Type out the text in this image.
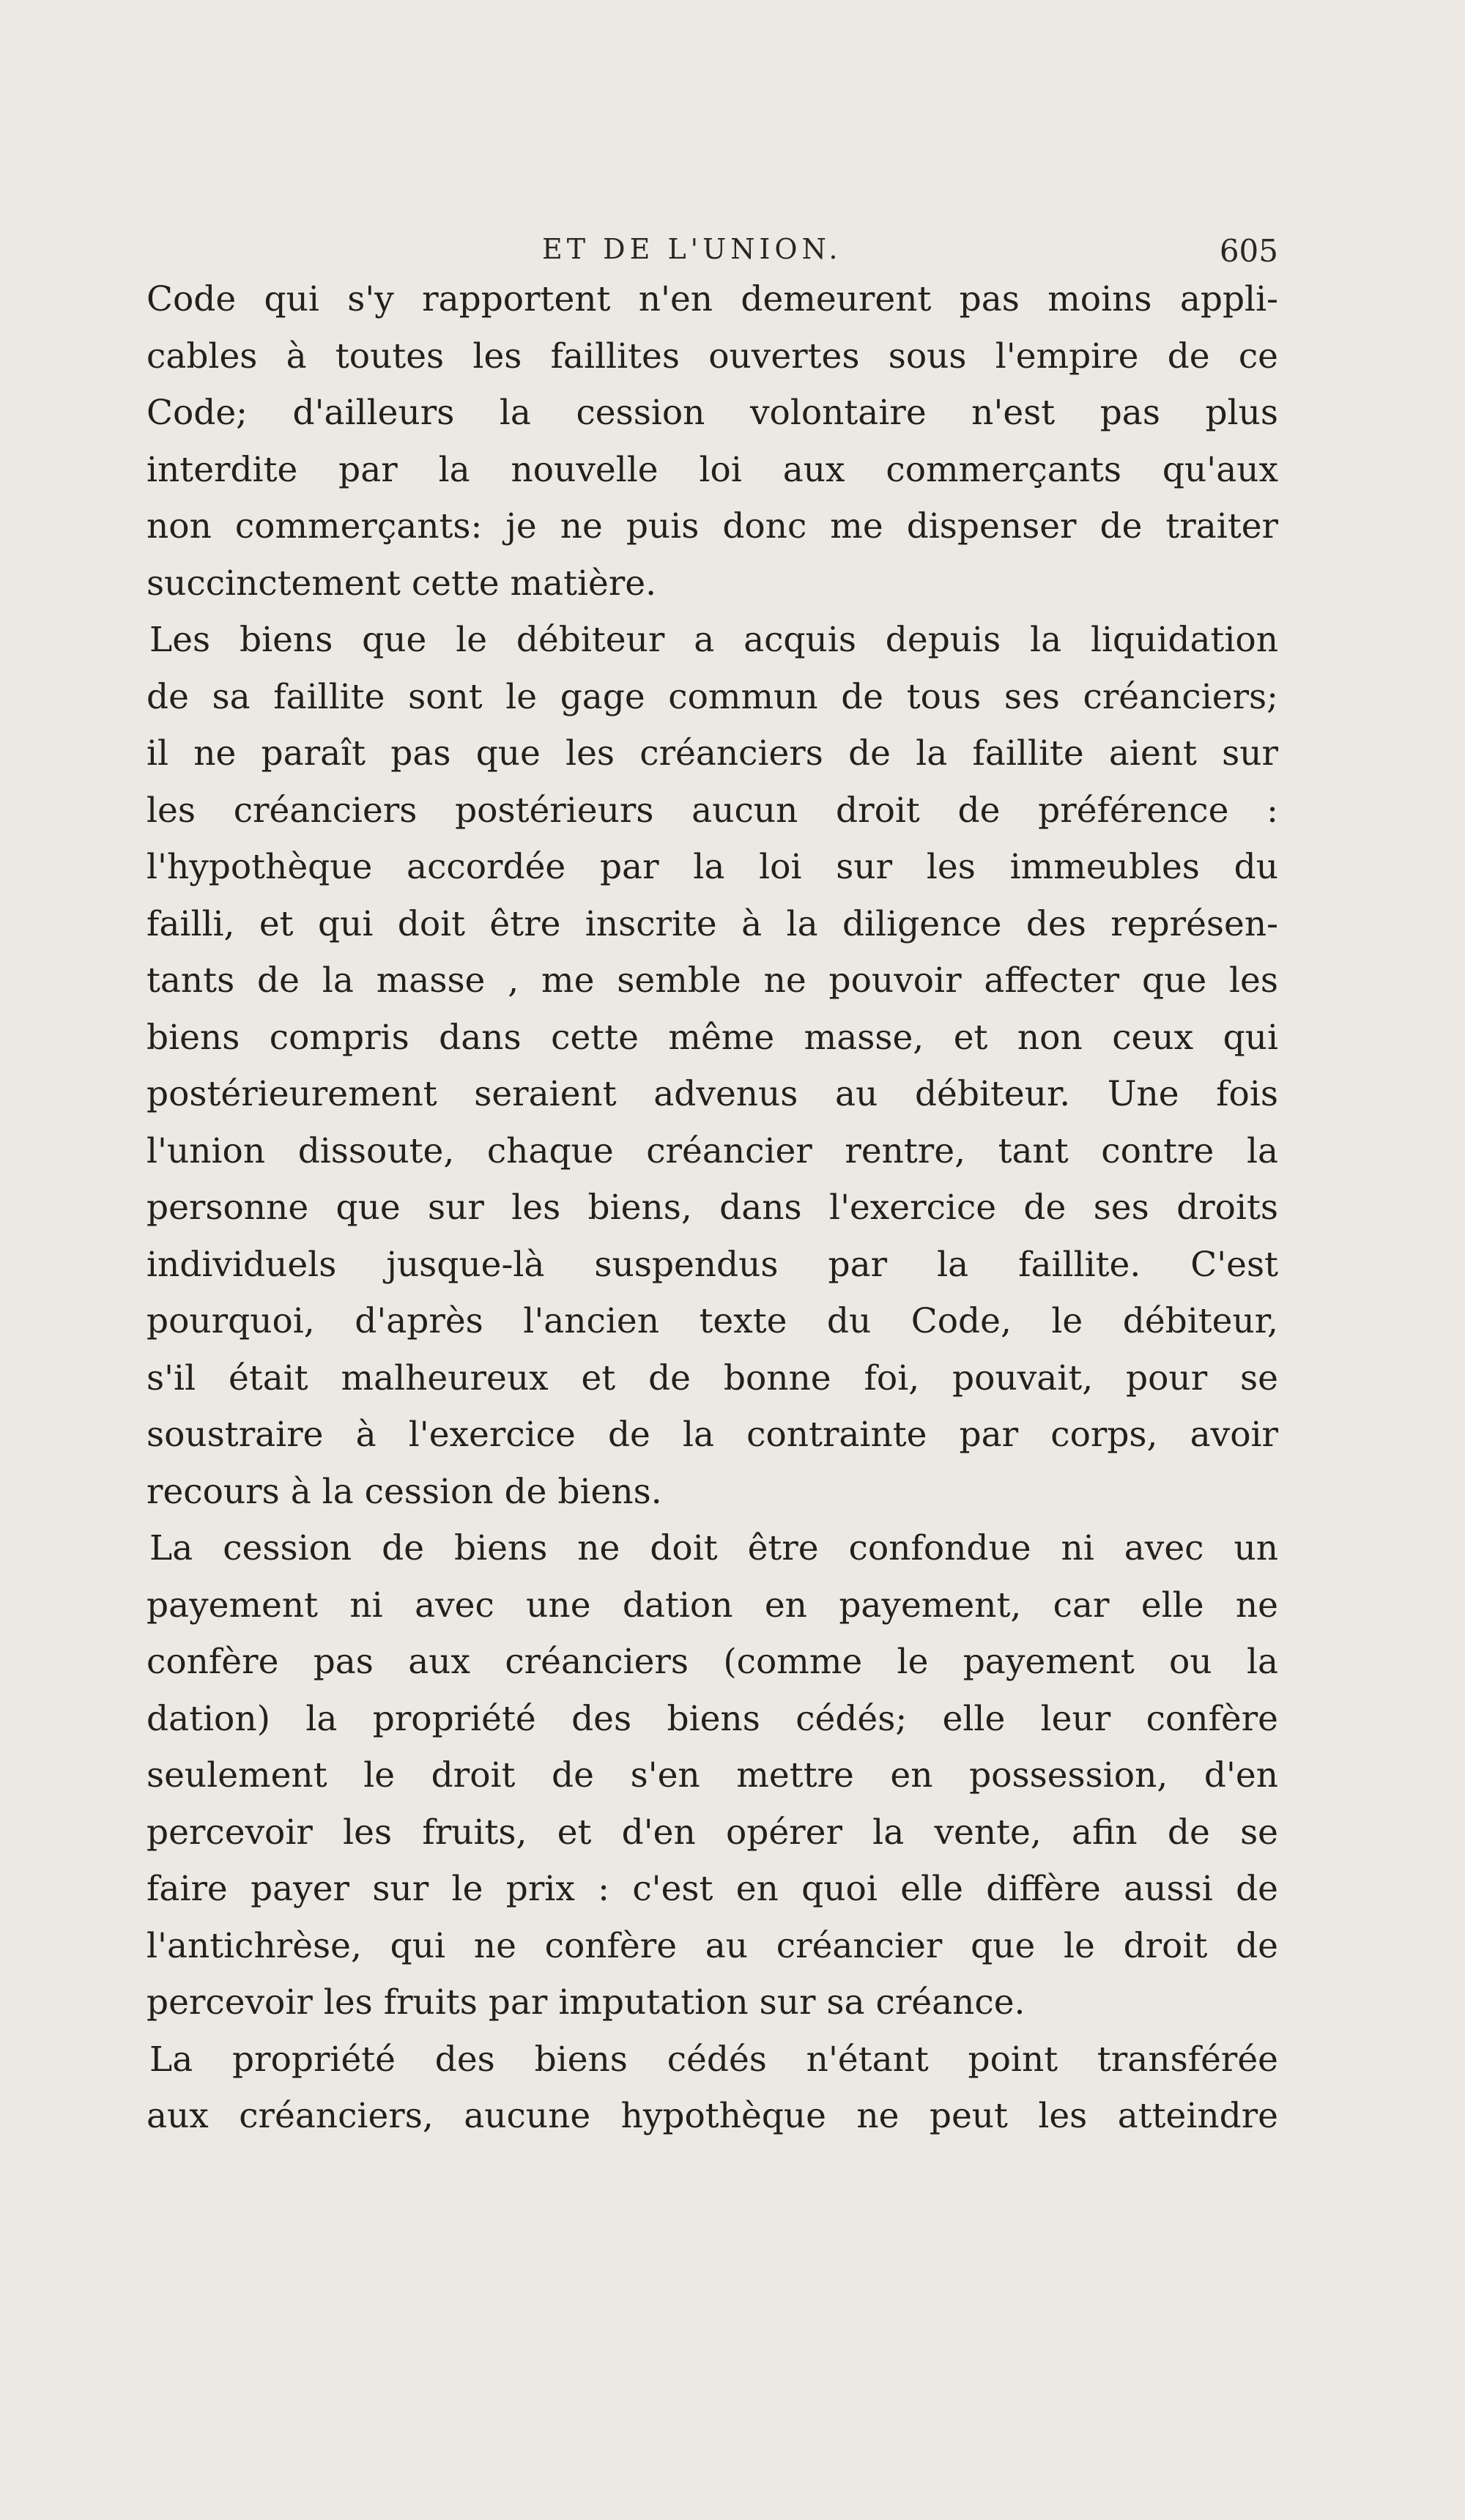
ET DE L'UNION.	605
Code qui s'y rapportent n'en demeurent pas moins appli-
cables à toutes les faillites ouvertes sous l'empire de ce
Code; d'ailleurs la cession volontaire n'est pas plus
interdite par la nouvelle loi aux commerçants qu'aux
non commerçants: je ne puis donc me dispenser de traiter
succinctement cette matière.
Les biens que le débiteur a acquis depuis la liquidation
de sa faillite sont le gage commun de tous ses créanciers;
il ne paraît pas que les créanciers de la faillite aient sur
les créanciers postérieurs aucun droit de préférence :
l'hypothèque accordée par la loi sur les immeubles du
failli, et qui doit être inscrite à la diligence des représen-
tants de la masse , me semble ne pouvoir affecter que les
biens compris dans cette même masse, et non ceux qui
postérieurement seraient advenus au débiteur. Une fois
l'union dissoute, chaque créancier rentre, tant contre la
personne que sur les biens, dans l'exercice de ses droits
individuels jusque-là suspendus par la faillite. C'est
pourquoi, d'après l'ancien texte du Code, le débiteur,
s'il était malheureux et de bonne foi, pouvait, pour se
soustraire à l'exercice de la contrainte par corps, avoir
recours à la cession de biens.
La cession de biens ne doit être confondue ni avec un
payement ni avec une dation en payement, car elle ne
confère pas aux créanciers (comme le payement ou la
dation) la propriété des biens cédés; elle leur confère
seulement le droit de s'en mettre en possession, d'en
percevoir les fruits, et d'en opérer la vente, afin de se
faire payer sur le prix : c'est en quoi elle diffère aussi de
l'antichrèse, qui ne confère au créancier que le droit de
percevoir les fruits par imputation sur sa créance.
La propriété des biens cédés n'étant point transférée
aux créanciers, aucune hypothèque ne peut les atteindre
